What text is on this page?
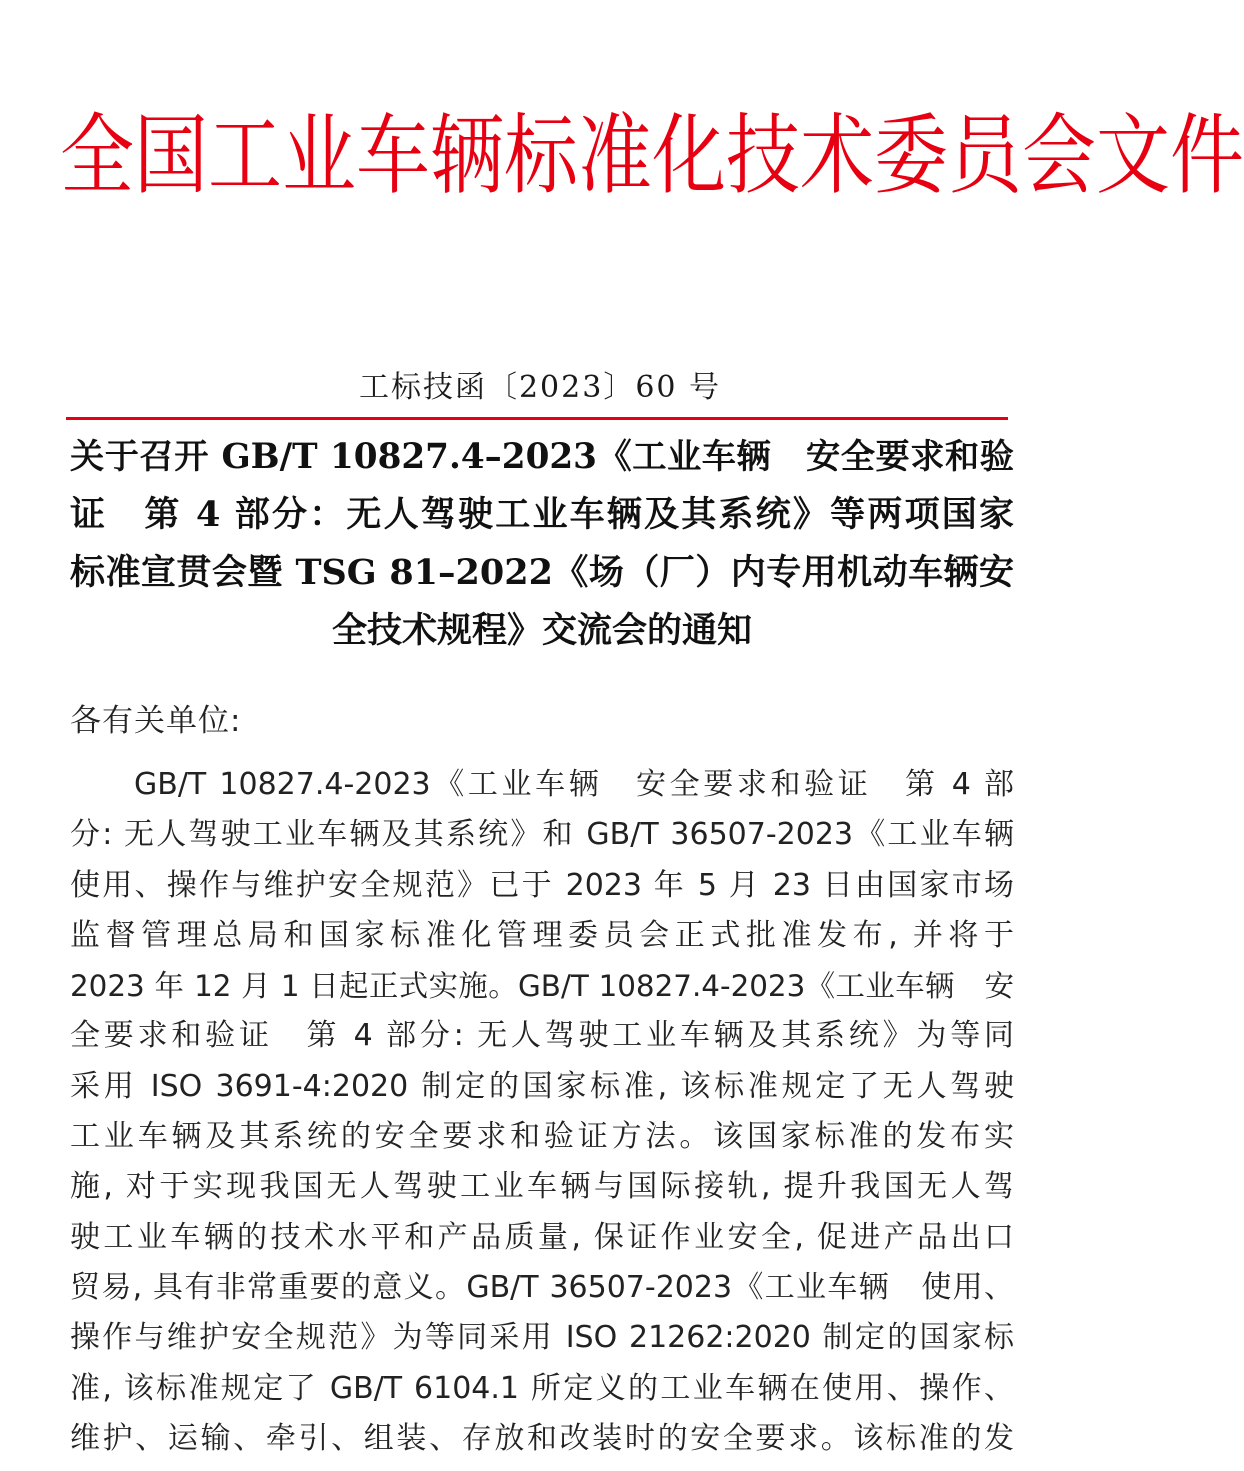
全国工业车辆标准化技术委员会文件
工标技函〔2023〕60 号
关于召开 GB/T 10827.4–2023《工业车辆　安全要求和验
证　第 4 部分：无人驾驶工业车辆及其系统》等两项国家
标准宣贯会暨 TSG 81–2022《场（厂）内专用机动车辆安
全技术规程》交流会的通知
各有关单位:
GB/T 10827.4-2023《工业车辆　安全要求和验证　第 4 部
分: 无人驾驶工业车辆及其系统》和 GB/T 36507-2023《工业车辆
使用、操作与维护安全规范》已于 2023 年 5 月 23 日由国家市场
监督管理总局和国家标准化管理委员会正式批准发布, 并将于
2023 年 12 月 1 日起正式实施。GB/T 10827.4-2023《工业车辆　安
全要求和验证　第 4 部分: 无人驾驶工业车辆及其系统》为等同
采用 ISO 3691-4:2020 制定的国家标准, 该标准规定了无人驾驶
工业车辆及其系统的安全要求和验证方法。该国家标准的发布实
施, 对于实现我国无人驾驶工业车辆与国际接轨, 提升我国无人驾
驶工业车辆的技术水平和产品质量, 保证作业安全, 促进产品出口
贸易, 具有非常重要的意义。GB/T 36507-2023《工业车辆　使用、
操作与维护安全规范》为等同采用 ISO 21262:2020 制定的国家标
准, 该标准规定了 GB/T 6104.1 所定义的工业车辆在使用、操作、
维护、运输、牵引、组装、存放和改装时的安全要求。该标准的发
